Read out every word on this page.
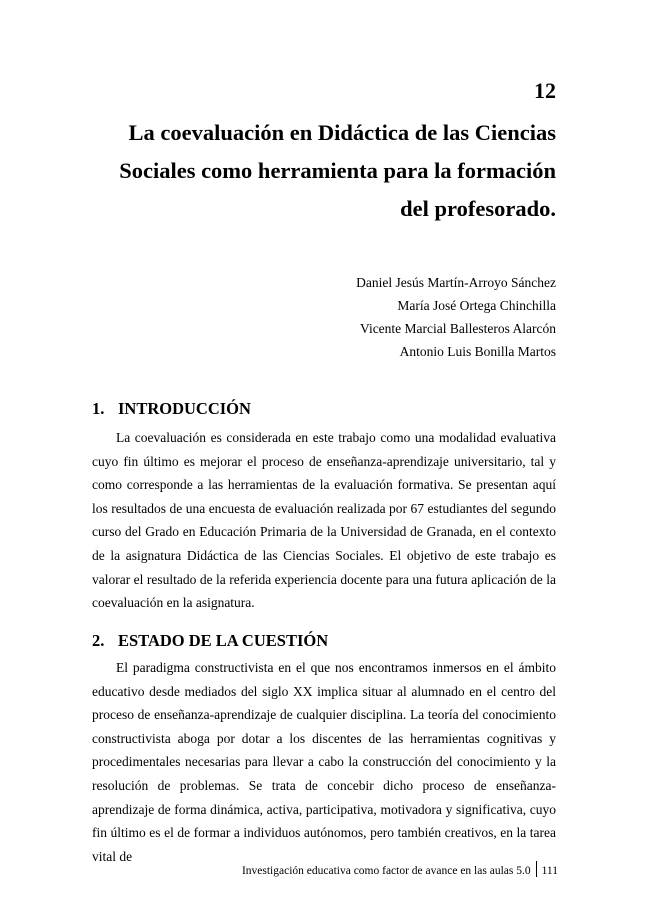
12
La coevaluación en Didáctica de las Ciencias Sociales como herramienta para la formación del profesorado.
Daniel Jesús Martín-Arroyo Sánchez
María José Ortega Chinchilla
Vicente Marcial Ballesteros Alarcón
Antonio Luis Bonilla Martos
1. INTRODUCCIÓN

La coevaluación es considerada en este trabajo como una modalidad evaluativa cuyo fin último es mejorar el proceso de enseñanza-aprendizaje universitario, tal y como corresponde a las herramientas de la evaluación formativa. Se presentan aquí los resultados de una encuesta de evaluación realizada por 67 estudiantes del segundo curso del Grado en Educación Primaria de la Universidad de Granada, en el contexto de la asignatura Didáctica de las Ciencias Sociales. El objetivo de este trabajo es valorar el resultado de la referida experiencia docente para una futura aplicación de la coevaluación en la asignatura.

2. ESTADO DE LA CUESTIÓN

El paradigma constructivista en el que nos encontramos inmersos en el ámbito educativo desde mediados del siglo XX implica situar al alumnado en el centro del proceso de enseñanza-aprendizaje de cualquier disciplina. La teoría del conocimiento constructivista aboga por dotar a los discentes de las herramientas cognitivas y procedimentales necesarias para llevar a cabo la construcción del conocimiento y la resolución de problemas. Se trata de concebir dicho proceso de enseñanza-aprendizaje de forma dinámica, activa, participativa, motivadora y significativa, cuyo fin último es el de formar a individuos autónomos, pero también creativos, en la tarea vital de

Investigación educativa como factor de avance en las aulas 5.0 111
